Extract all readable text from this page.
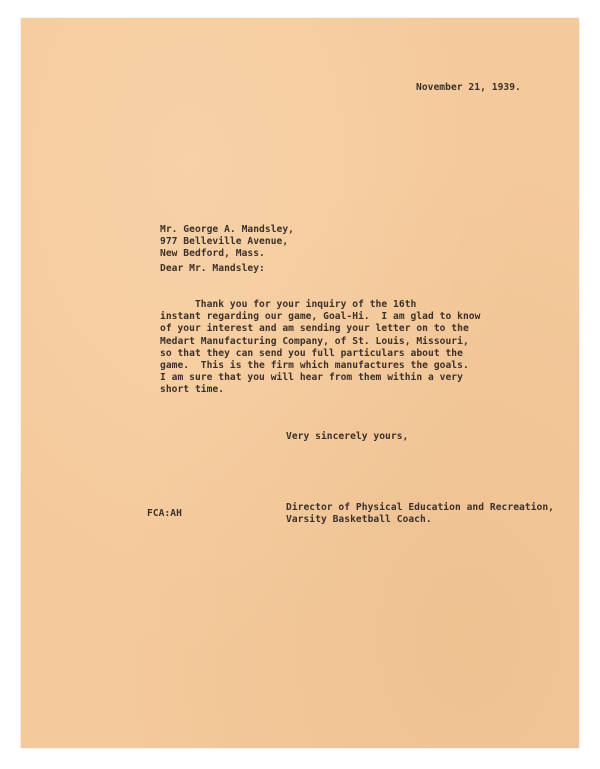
November 21, 1939.
Mr. George A. Mandsley,
977 Belleville Avenue,
New Bedford, Mass.
Dear Mr. Mandsley:
Thank you for your inquiry of the 16th
instant regarding our game, Goal-Hi.  I am glad to know
of your interest and am sending your letter on to the
Medart Manufacturing Company, of St. Louis, Missouri,
so that they can send you full particulars about the
game.  This is the firm which manufactures the goals.
I am sure that you will hear from them within a very
short time.
Very sincerely yours,
FCA:AH
Director of Physical Education and Recreation,
Varsity Basketball Coach.
